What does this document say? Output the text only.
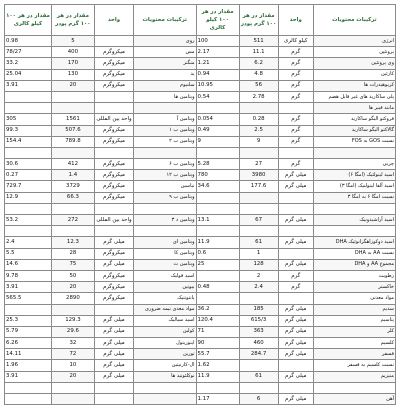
مقدار در هر ۱۰۰ کیلو کالری	مقدار در هر ۱۰۰ گرم پودر	واحد	ترکیبات محتویات	مقدار در هر ۱۰۰ کیلو کالری	مقدار در هر ۱۰۰ گرم پودر	واحد	ترکیبات محتویات
0.98	5		روی	100	511	کیلو کالری	انرژی
78/27	400	میکروگرم	مس	2.17	11.1	گرم	پروتئین
33.2	170	میکروگرم	منگنز	1.21	6.2	گرم	وی پروتئین
25.04	130	میکروگرم	ید	0.94	4.8	گرم	کازئین
3.91	20	میکروگرم	سلنیوم	10.95	56	گرم	کربوهیدرات ها
			ویتامین ها	0.54	2.78	گرم	پلی ساکارید های غیر قابل هضم
							مانند فیبر ها
305	1561	واحد بین المللی	ویتامین آ	0.054	0.28	گرم	فروکتو الیگو ساکارید
99.3	507.6	میکروگرم	ویتامین ب ۱	0.49	2.5	گرم	گالاکتو الیگو ساکارید
154.4	789.8	میکروگرم	ویتامین ب ۲	9	9	گرم	نسبت GOS به FOS

30.6	412	میکروگرم	ویتامین ب ۶	5.28	27	گرم	چربی
0.27	1.4	میکروگرم	ویتامین ب ۱۲	780	3980	میلی گرم	اسید لینولئیک (امگا ۶)
729.7	3729	میکروگرم	نیاسین	34.6	177.6	میلی گرم	اسید آلفا لینولنیک (امگا ۳)
12.9	66.3	میکروگرم	ویتامین ب ۹				نسبت امگا ۶ به امگا ۳

53.2	272	واحد بین المللی	ویتامین د ۳	13.1	67	میلی گرم	اسید آراشیدونیک

2.4	12.3	میلی گرم	ویتامین ای	11.9	61	میلی گرم	اسید دوکوزاهگزانوئیک DHA
5.5	28	میکروگرم	ویتامین کا	0.6	1		نسبت AA به DHA
14.6	75	میلی گرم	ویتامین ث	25	128	میلی گرم	مجموع AA و DHA
9.78	50	میکروگرم	اسید فولیک		2	گرم	رطوبت
3.91	20	میکروگرم	بیوتین	0.48	2.4	گرم	خاکستر
565.5	2890	میکروگرم	پانتوتنیک				مواد معدنی
			مواد مغذی نیمه ضروری	36.2	185	میلی گرم	سدیم
25.3	129.3	میلی گرم	اسید سیالیک	120.4	615/3	میلی گرم	پتاسیم
5.79	29.6	میلی گرم	کولین	71	363	میلی گرم	کلر
6.26	32	میلی گرم	اینوزیتول	90	460	میلی گرم	کلسیم
14.11	72	میلی گرم	تورین	55.7	284.7	میلی گرم	فسفر
1.96	10	میلی گرم	ال-کارنیتین	1.62			نسبت کلسیم به فسفر
3.91	20	میلی گرم	نوکلئوتید ها	11.9	61	میلی گرم	منیزیم

				1.17	6	میلی گرم	آهن
